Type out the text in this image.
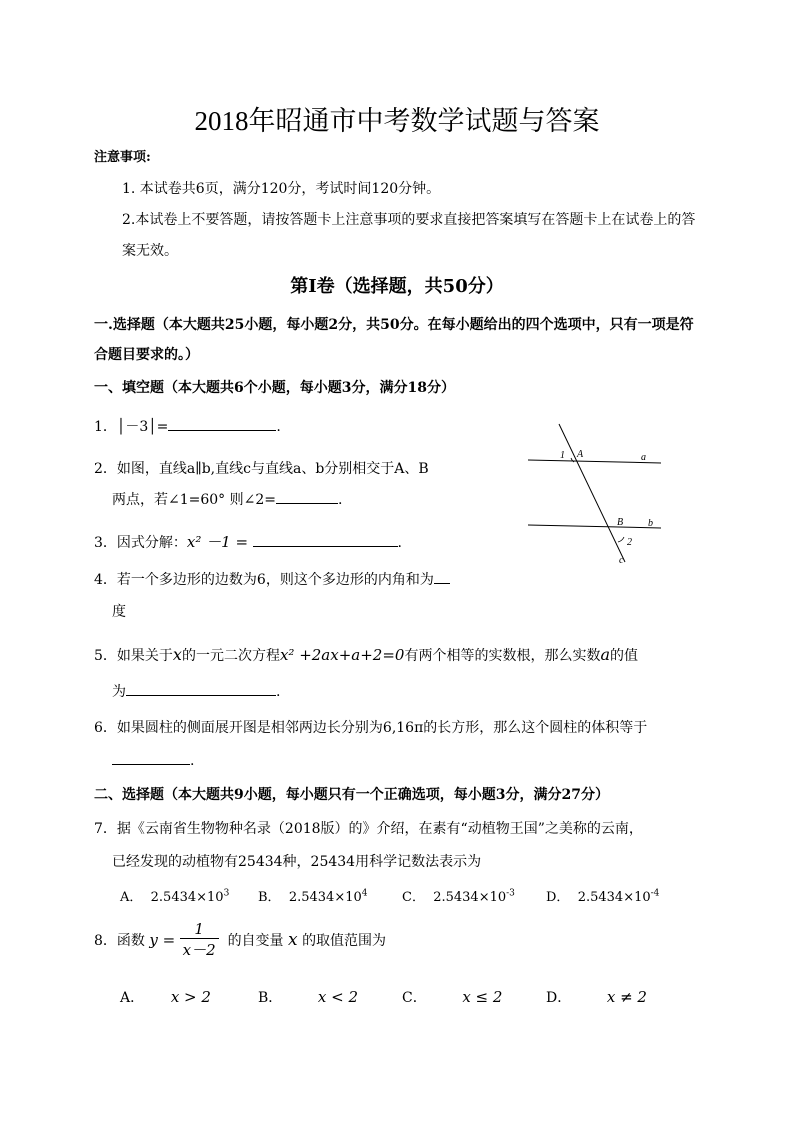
2018年昭通市中考数学试题与答案
注意事项:
1. 本试卷共6页，满分120分，考试时间120分钟。
2.本试卷上不要答题，请按答题卡上注意事项的要求直接把答案填写在答题卡上在试卷上的答
案无效。
第Ⅰ卷（选择题，共50分）
一.选择题（本大题共25小题，每小题2分，共50分。在每小题给出的四个选项中，只有一项是符
合题目要求的。）
一、填空题（本大题共6个小题，每小题3分，满分18分）
1．│－3│=	.
2．如图，直线a∥b,直线c与直线a、b分别相交于A、B
两点，若∠1=60° 则∠2=	.
1 A	a
B b
2
c
3．因式分解：x² －1 =	.
4．若一个多边形的边数为6，则这个多边形的内角和为
度
5．如果关于x的一元二次方程x² +2ax+a+2=0有两个相等的实数根，那么实数a的值
为	.
6．如果圆柱的侧面展开图是相邻两边长分别为6,16π的长方形，那么这个圆柱的体积等于
.
二、选择题（本大题共9小题，每小题只有一个正确选项，每小题3分，满分27分）
7．据《云南省生物物种名录（2018版）的》介绍，在素有“动植物王国”之美称的云南，
已经发现的动植物有25434种，25434用科学记数法表示为
A． $2.5434\times 10^3$ B． $2.5434\times 10^4$	C． $2.5434\times 10^{-3}$ D． $2.5434\times 10^{-4}$
8．函数 $y = \frac{1}{x-2}$ 的自变量 x 的取值范围为
A． x > 2	B． x < 2	C． x ≤ 2	D． x ≠ 2
